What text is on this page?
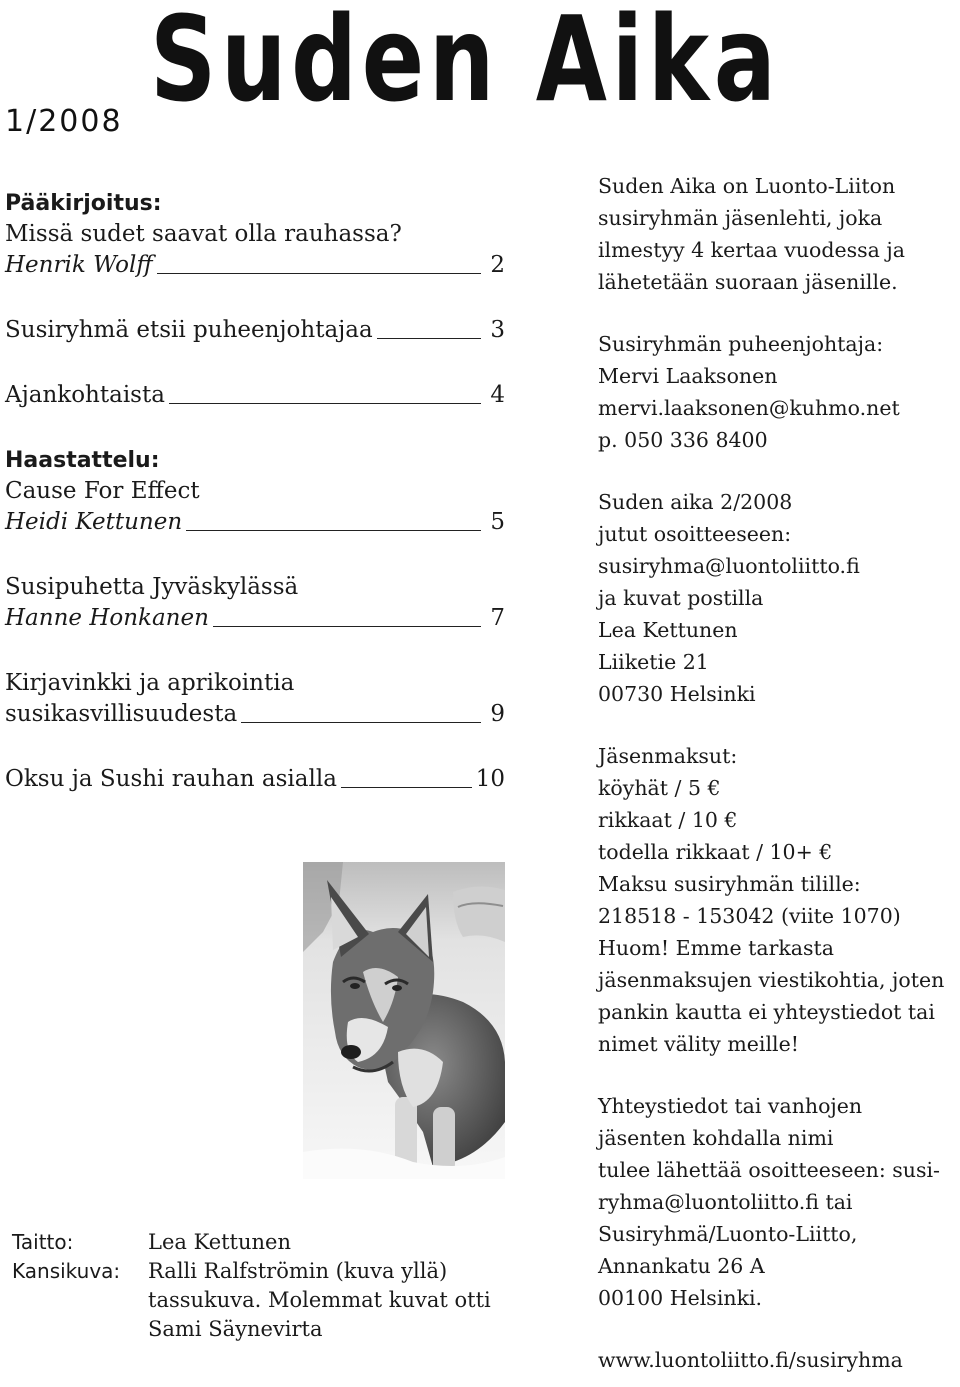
Suden Aika
1/2008
Pääkirjoitus:
Missä sudet saavat olla rauhassa?
Henrik Wolff	2
Susiryhmä etsii puheenjohtajaa	3
Ajankohtaista	4
Haastattelu:
Cause For Effect
Heidi Kettunen	5
Susipuhetta Jyväskylässä
Hanne Honkanen	7
Kirjavinkki ja aprikointia
susikasvillisuudesta	9
Oksu ja Sushi rauhan asialla	10
Taitto:	Lea Kettunen
Kansikuva:	Ralli Ralfströmin (kuva yllä)
tassukuva. Molemmat kuvat otti
Sami Säynevirta
Suden Aika on Luonto-Liiton
susiryhmän jäsenlehti, joka
ilmestyy 4 kertaa vuodessa ja
lähetetään suoraan jäsenille.
Susiryhmän puheenjohtaja:
Mervi Laaksonen
mervi.laaksonen@kuhmo.net
p. 050 336 8400
Suden aika 2/2008
jutut osoitteeseen:
susiryhma@luontoliitto.fi
ja kuvat postilla
Lea Kettunen
Liiketie 21
00730 Helsinki
Jäsenmaksut:
köyhät / 5 €
rikkaat / 10 €
todella rikkaat / 10+ €
Maksu susiryhmän tilille:
218518 - 153042 (viite 1070)
Huom! Emme tarkasta
jäsenmaksujen viestikohtia, joten
pankin kautta ei yhteystiedot tai
nimet välity meille!
Yhteystiedot tai vanhojen
jäsenten kohdalla nimi
tulee lähettää osoitteeseen: susi-
ryhma@luontoliitto.fi tai
Susiryhmä/Luonto-Liitto,
Annankatu 26 A
00100 Helsinki.
www.luontoliitto.fi/susiryhma
